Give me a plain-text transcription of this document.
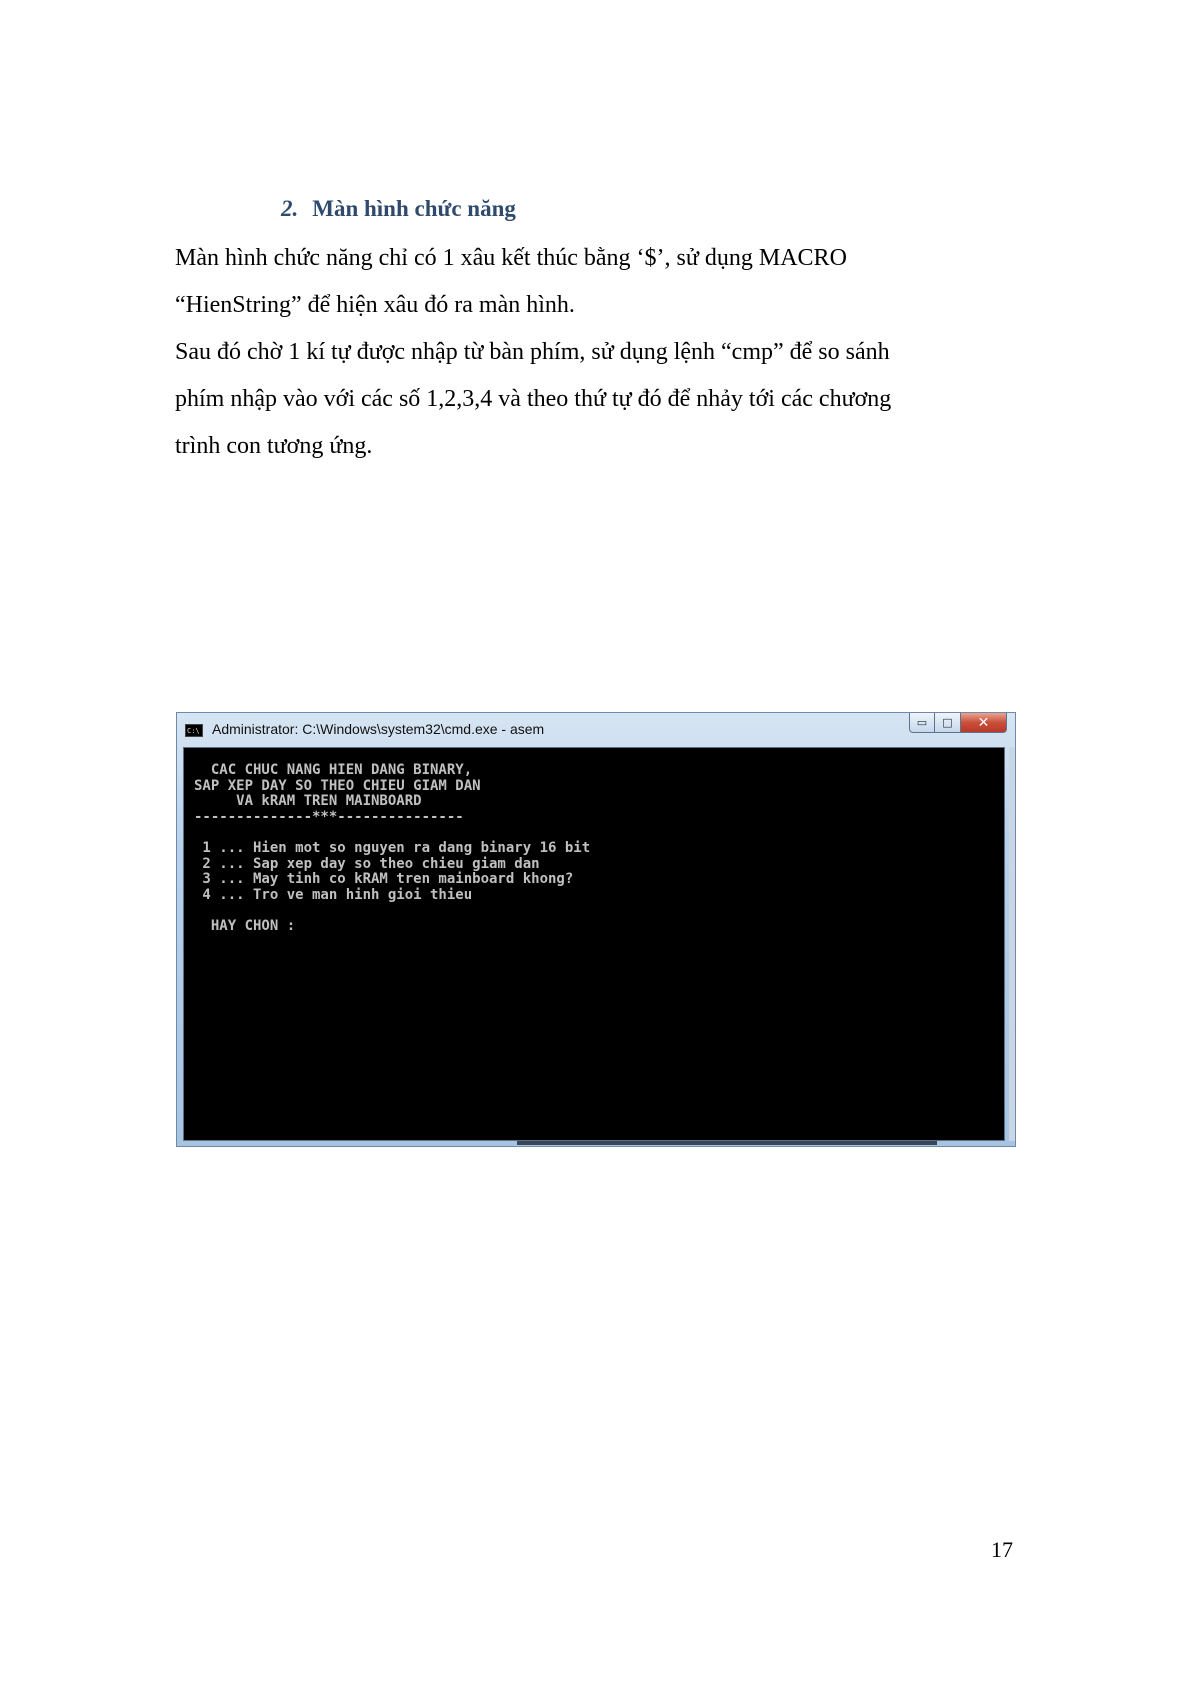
2. Màn hình chức năng
Màn hình chức năng chỉ có 1 xâu kết thúc bằng ‘$’, sử dụng MACRO
“HienString” để hiện xâu đó ra màn hình.
Sau đó chờ 1 kí tự được nhập từ bàn phím, sử dụng lệnh “cmp” để so sánh
phím nhập vào với các số 1,2,3,4 và theo thứ tự đó để nhảy tới các chương
trình con tương ứng.
C:\ Administrator: C:\Windows\system32\cmd.exe - asem	▭	□	✕
CAC CHUC NANG HIEN DANG BINARY,
SAP XEP DAY SO THEO CHIEU GIAM DAN
VA kRAM TREN MAINBOARD
--------------***---------------
1 ... Hien mot so nguyen ra dang binary 16 bit
2 ... Sap xep day so theo chieu giam dan
3 ... May tinh co kRAM tren mainboard khong?
4 ... Tro ve man hinh gioi thieu
HAY CHON :
17
